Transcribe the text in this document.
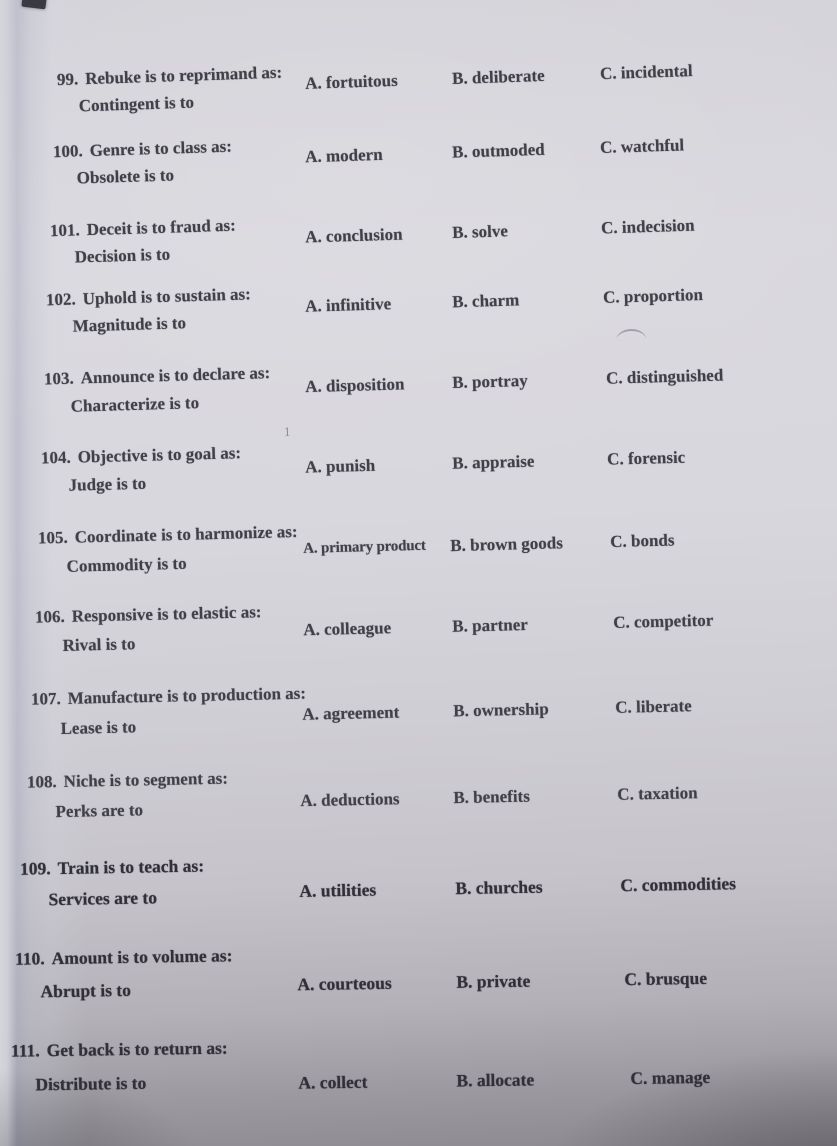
99. Rebuke is to reprimand as:
Contingent is to
A. fortuitous	B. deliberate	C. incidental
100. Genre is to class as:
Obsolete is to
A. modern	B. outmoded	C. watchful
101. Deceit is to fraud as:
Decision is to
A. conclusion	B. solve	C. indecision
102. Uphold is to sustain as:
Magnitude is to
A. infinitive	B. charm	C. proportion
103. Announce is to declare as:
Characterize is to
A. disposition	B. portray	C. distinguished
104. Objective is to goal as:
Judge is to
A. punish	B. appraise	C. forensic
105. Coordinate is to harmonize as:
Commodity is to
A. primary product B. brown goods	C. bonds
106. Responsive is to elastic as:
Rival is to
A. colleague	B. partner	C. competitor
107. Manufacture is to production as:
Lease is to
A. agreement	B. ownership	C. liberate
108. Niche is to segment as:
Perks are to
A. deductions	B. benefits	C. taxation
109. Train is to teach as:
Services are to	A. utilities	B. churches	C. commodities
110. Amount is to volume as:
Abrupt is to	A. courteous	B. private	C. brusque
111. Get back is to return as:
Distribute is to	A. collect	B. allocate	C. manage
1
